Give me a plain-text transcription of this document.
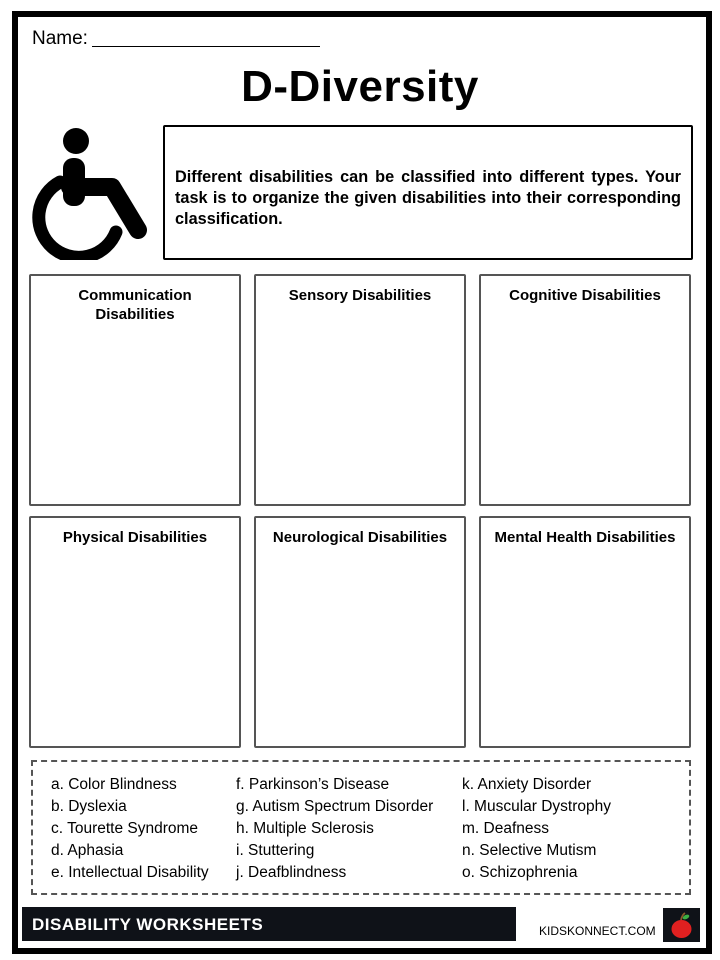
Name:
D-Diversity
Different disabilities can be classified into different types. Your task is to organize the given disabilities into their corresponding classification.
Communication Disabilities
Sensory Disabilities	Cognitive Disabilities
Physical Disabilities	Neurological Disabilities	Mental Health Disabilities
a. Color Blindness
b. Dyslexia
c. Tourette Syndrome
d. Aphasia
e. Intellectual Disability
f. Parkinson’s Disease
g. Autism Spectrum Disorder
h. Multiple Sclerosis
i. Stuttering
j. Deafblindness
k. Anxiety Disorder
l. Muscular Dystrophy
m. Deafness
n. Selective Mutism
o. Schizophrenia
DISABILITY WORKSHEETS	KIDSKONNECT.COM
